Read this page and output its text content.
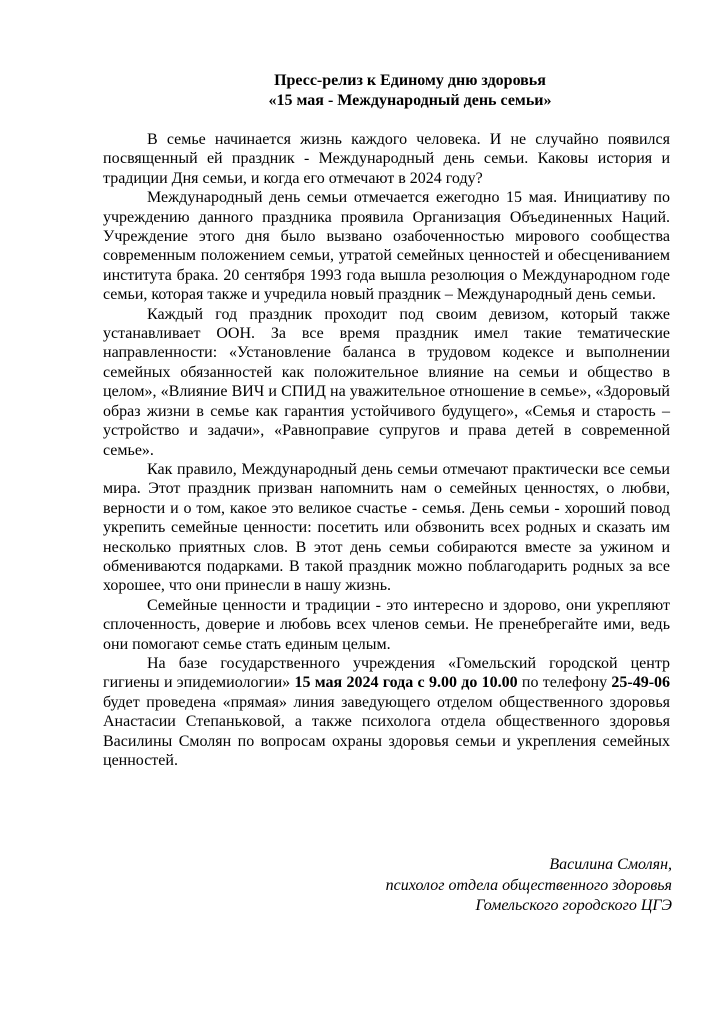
Пресс-релиз к Единому дню здоровья
«15 мая - Международный день семьи»

В семье начинается жизнь каждого человека. И не случайно появился посвященный ей праздник - Международный день семьи. Каковы история и традиции Дня семьи, и когда его отмечают в 2024 году?

Международный день семьи отмечается ежегодно 15 мая. Инициативу по учреждению данного праздника проявила Организация Объединенных Наций. Учреждение этого дня было вызвано озабоченностью мирового сообщества современным положением семьи, утратой семейных ценностей и обесцениванием института брака. 20 сентября 1993 года вышла резолюция о Международном годе семьи, которая также и учредила новый праздник – Международный день семьи.

Каждый год праздник проходит под своим девизом, который также устанавливает ООН. За все время праздник имел такие тематические направленности: «Установление баланса в трудовом кодексе и выполнении семейных обязанностей как положительное влияние на семьи и общество в целом», «Влияние ВИЧ и СПИД на уважительное отношение в семье», «Здоровый образ жизни в семье как гарантия устойчивого будущего», «Семья и старость – устройство и задачи», «Равноправие супругов и права детей в современной семье».

Как правило, Международный день семьи отмечают практически все семьи мира. Этот праздник призван напомнить нам о семейных ценностях, о любви, верности и о том, какое это великое счастье - семья. День семьи - хороший повод укрепить семейные ценности: посетить или обзвонить всех родных и сказать им несколько приятных слов. В этот день семьи собираются вместе за ужином и обмениваются подарками. В такой праздник можно поблагодарить родных за все хорошее, что они принесли в нашу жизнь.

Семейные ценности и традиции - это интересно и здорово, они укрепляют сплоченность, доверие и любовь всех членов семьи. Не пренебрегайте ими, ведь они помогают семье стать единым целым.

На базе государственного учреждения «Гомельский городской центр гигиены и эпидемиологии» 15 мая 2024 года с 9.00 до 10.00 по телефону 25-49-06 будет проведена «прямая» линия заведующего отделом общественного здоровья Анастасии Степаньковой, а также психолога отдела общественного здоровья Василины Смолян по вопросам охраны здоровья семьи и укрепления семейных ценностей.

Василина Смолян,
психолог отдела общественного здоровья
Гомельского городского ЦГЭ
